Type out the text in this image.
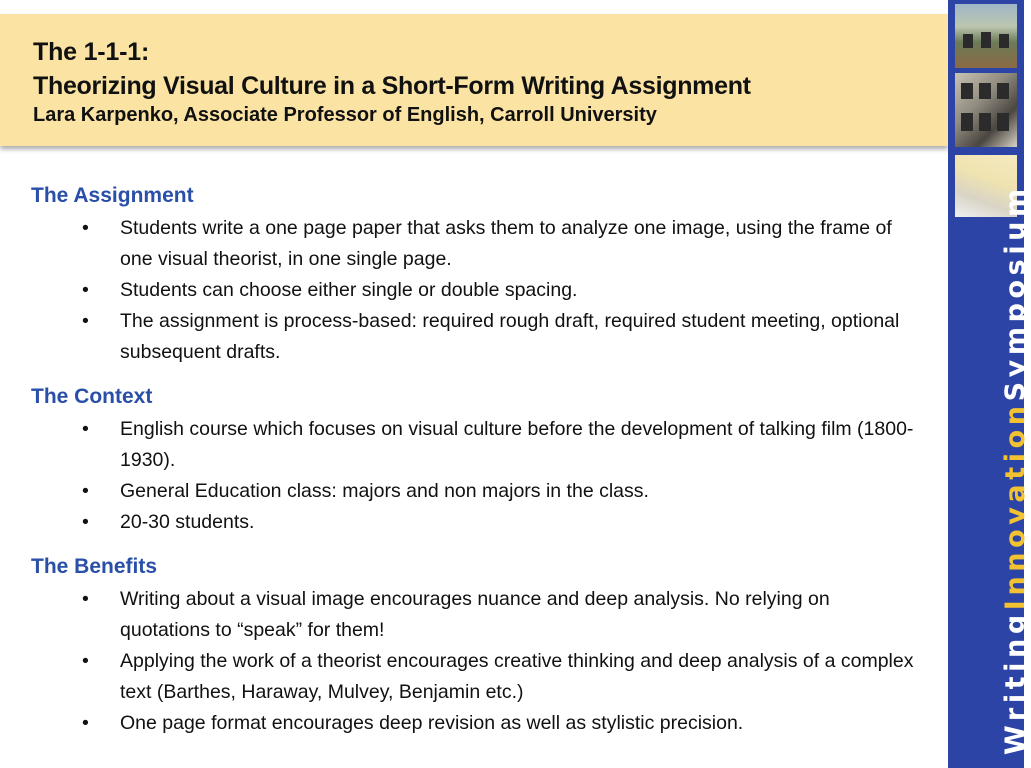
The 1-1-1:
Theorizing Visual Culture in a Short-Form Writing Assignment
Lara Karpenko, Associate Professor of English, Carroll University
WritingInnovationSymposium
The Assignment
• Students write a one page paper that asks them to analyze one image, using the frame of one visual theorist, in one single page.
• Students can choose either single or double spacing.
• The assignment is process-based: required rough draft, required student meeting, optional subsequent drafts.
The Context
• English course which focuses on visual culture before the development of talking film (1800-1930).
• General Education class: majors and non majors in the class.
• 20-30 students.
The Benefits
• Writing about a visual image encourages nuance and deep analysis. No relying on quotations to “speak” for them!
• Applying the work of a theorist encourages creative thinking and deep analysis of a complex text (Barthes, Haraway, Mulvey, Benjamin etc.)
• One page format encourages deep revision as well as stylistic precision.
